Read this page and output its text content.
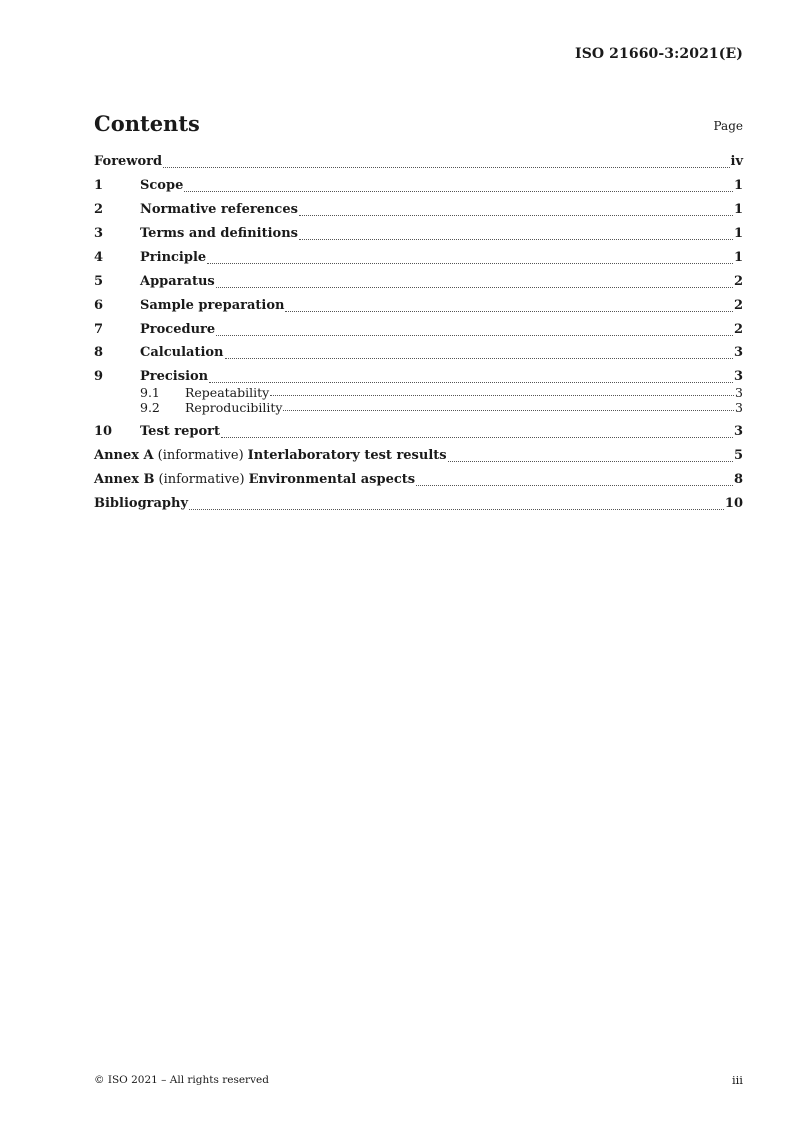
ISO 21660-3:2021(E)
Contents	Page
Foreword	iv
1	Scope	1
2	Normative references	1
3	Terms and definitions	1
4	Principle	1
5	Apparatus	2
6	Sample preparation	2
7	Procedure	2
8	Calculation	3
9	Precision	3
9.1	Repeatability	3
9.2	Reproducibility	3
10	Test report	3
Annex A (informative) Interlaboratory test results	5
Annex B (informative) Environmental aspects	8
Bibliography	10
© ISO 2021 – All rights reserved	iii
